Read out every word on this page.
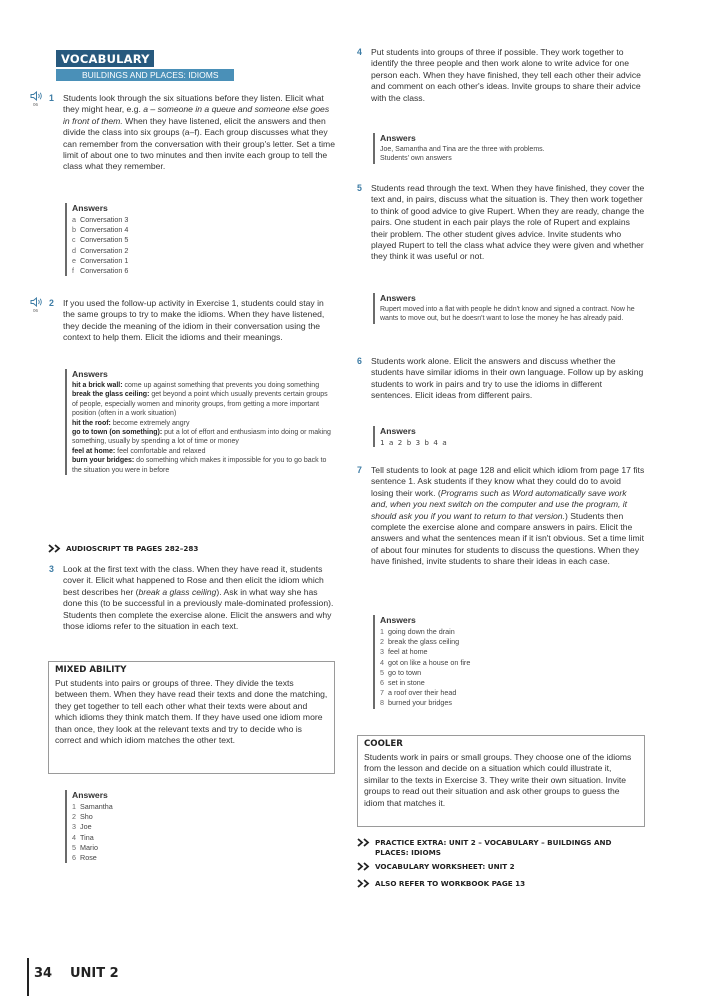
VOCABULARY
BUILDINGS AND PLACES: IDIOMS
06
1 Students look through the six situations before they listen. Elicit what they might hear, e.g. a – someone in a queue and someone else goes in front of them. When they have listened, elicit the answers and then divide the class into six groups (a–f). Each group discusses what they can remember from the conversation with their group's letter. Set a time limit of about one to two minutes and then invite each group to tell the class what they remember.

Answers
a Conversation 3
b Conversation 4
c Conversation 5
d Conversation 2
e Conversation 1
f Conversation 6
06
2 If you used the follow-up activity in Exercise 1, students could stay in the same groups to try to make the idioms. When they have listened, they decide the meaning of the idiom in their conversation using the context to help them. Elicit the idioms and their meanings.

Answers
hit a brick wall: come up against something that prevents you doing something
break the glass ceiling: get beyond a point which usually prevents certain groups of people, especially women and minority groups, from getting a more important position (often in a work situation)
hit the roof: become extremely angry
go to town (on something): put a lot of effort and enthusiasm into doing or making something, usually by spending a lot of time or money
feel at home: feel comfortable and relaxed
burn your bridges: do something which makes it impossible for you to go back to the situation you were in before
AUDIOSCRIPT TB PAGES 282–283
3 Look at the first text with the class. When they have read it, students cover it. Elicit what happened to Rose and then elicit the idiom which best describes her (break a glass ceiling). Ask in what way she has done this (to be successful in a previously male-dominated profession). Students then complete the exercise alone. Elicit the answers and why those idioms refer to the situation in each text.

MIXED ABILITY

Put students into pairs or groups of three. They divide the texts between them. When they have read their texts and done the matching, they get together to tell each other what their texts were about and which idioms they think match them. If they have used one idiom more than once, they look at the relevant texts and try to decide who is correct and which idiom matches the other text.

Answers
1 Samantha
2 Sho
3 Joe
4 Tina
5 Mario
6 Rose
4 Put students into groups of three if possible. They work together to identify the three people and then work alone to write advice for one person each. When they have finished, they tell each other their advice and comment on each other's ideas. Invite groups to share their advice with the class.

Answers
Joe, Samantha and Tina are the three with problems.
Students' own answers
5 Students read through the text. When they have finished, they cover the text and, in pairs, discuss what the situation is. They then work together to think of good advice to give Rupert. When they are ready, change the pairs. One student in each pair plays the role of Rupert and explains their problem. The other student gives advice. Invite students who played Rupert to tell the class what advice they were given and whether they think it was useful or not.

Answers
Rupert moved into a flat with people he didn't know and signed a contract. Now he wants to move out, but he doesn't want to lose the money he has already paid.
6 Students work alone. Elicit the answers and discuss whether the students have similar idioms in their own language. Follow up by asking students to work in pairs and try to use the idioms in different sentences. Elicit ideas from different pairs.

Answers
1 a 2 b 3 b 4 a
7 Tell students to look at page 128 and elicit which idiom from page 17 fits sentence 1. Ask students if they know what they could do to avoid losing their work. (Programs such as Word automatically save work and, when you next switch on the computer and use the program, it should ask you if you want to return to that version.) Students then complete the exercise alone and compare answers in pairs. Elicit the answers and what the sentences mean if it isn't obvious. Set a time limit of about four minutes for students to discuss the questions. When they have finished, invite students to share their ideas in each case.

Answers
1 going down the drain
2 break the glass ceiling
3 feel at home
4 got on like a house on fire
5 go to town
6 set in stone
7 a roof over their head
8 burned your bridges
COOLER

Students work in pairs or small groups. They choose one of the idioms from the lesson and decide on a situation which could illustrate it, similar to the texts in Exercise 3. They write their own situation. Invite groups to read out their situation and ask other groups to guess the idiom that matches it.

PRACTICE EXTRA: UNIT 2 – VOCABULARY – BUILDINGS AND PLACES: IDIOMS
VOCABULARY WORKSHEET: UNIT 2
ALSO REFER TO WORKBOOK PAGE 13
34 UNIT 2
